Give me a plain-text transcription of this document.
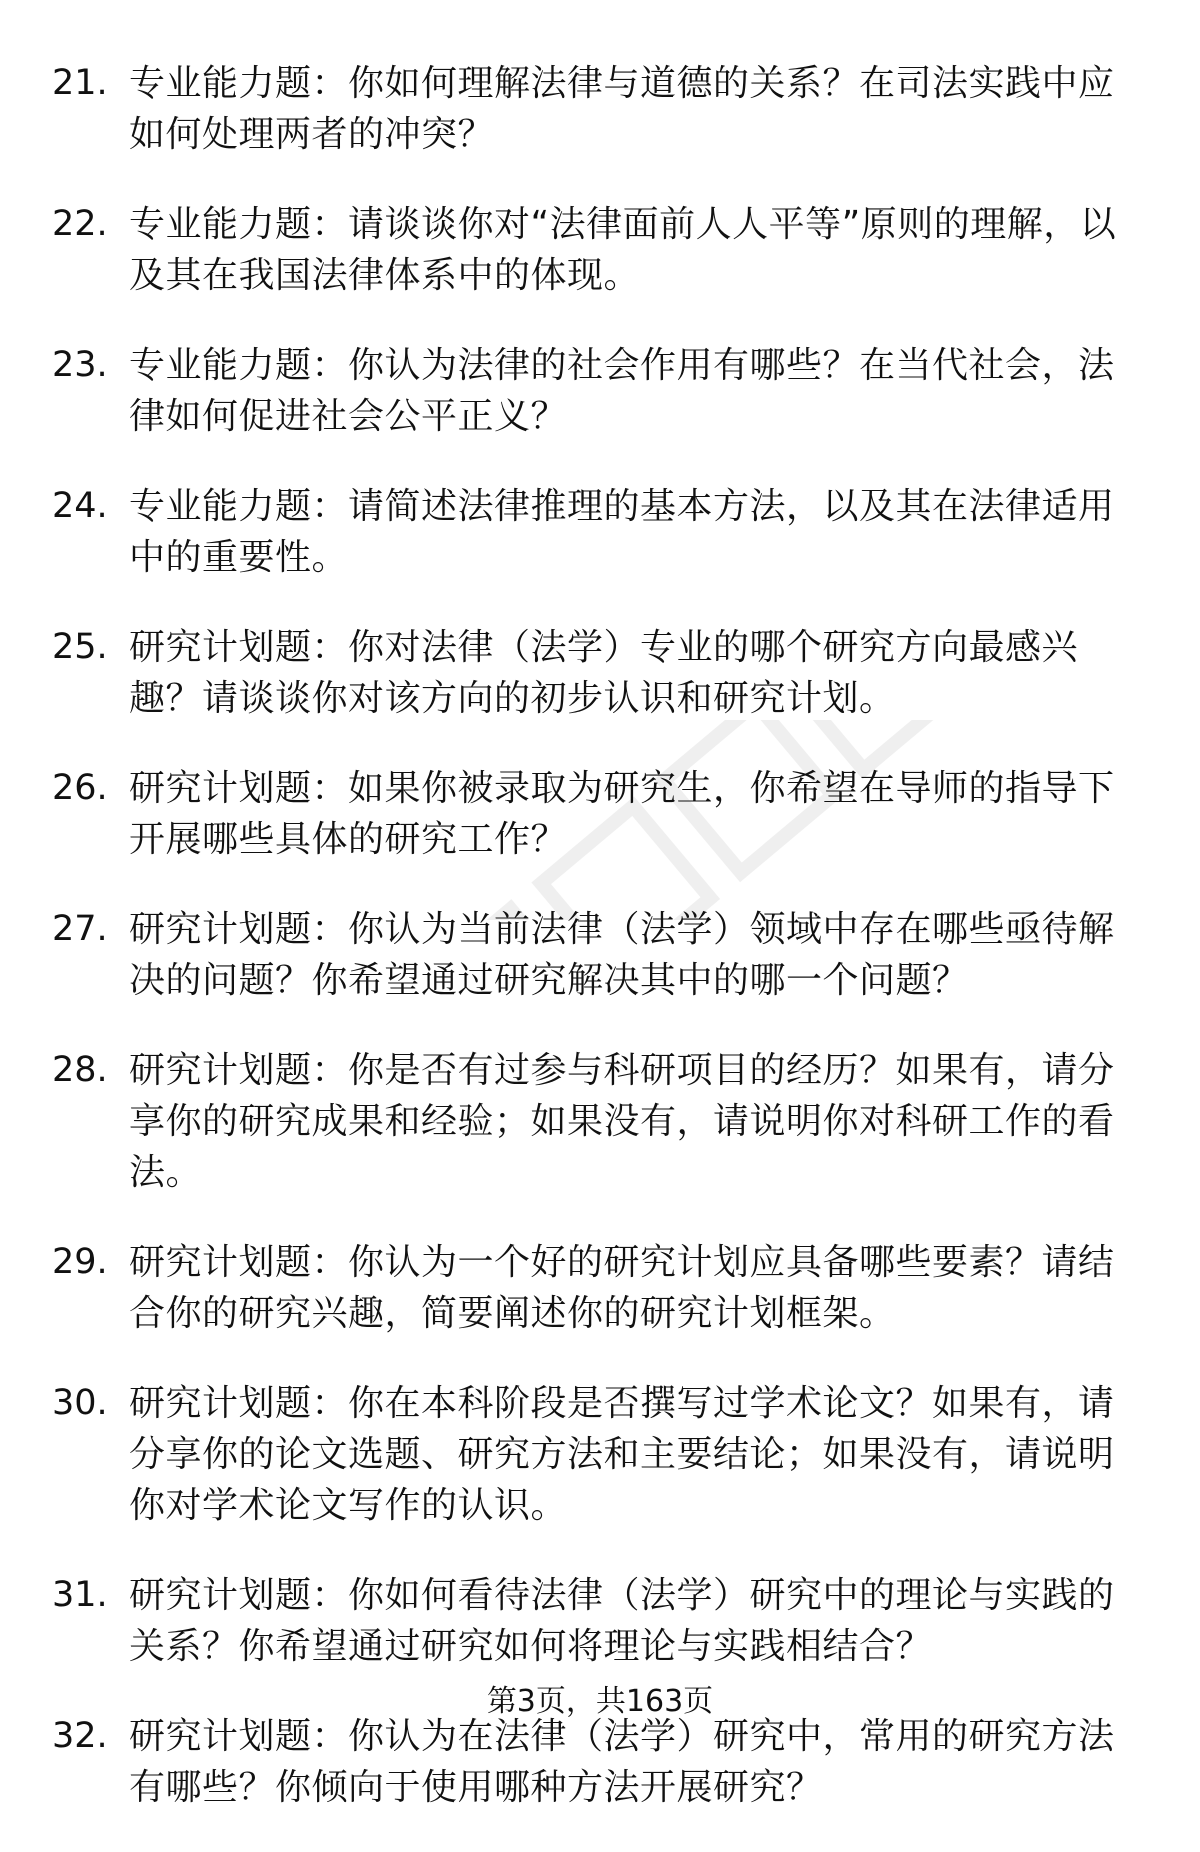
21. 专业能力题：你如何理解法律与道德的关系？在司法实践中应如何处理两者的冲突？
22. 专业能力题：请谈谈你对“法律面前人人平等”原则的理解，以及其在我国法律体系中的体现。
23. 专业能力题：你认为法律的社会作用有哪些？在当代社会，法律如何促进社会公平正义？
24. 专业能力题：请简述法律推理的基本方法，以及其在法律适用中的重要性。
25. 研究计划题：你对法律（法学）专业的哪个研究方向最感兴趣？请谈谈你对该方向的初步认识和研究计划。
26. 研究计划题：如果你被录取为研究生，你希望在导师的指导下开展哪些具体的研究工作？
27. 研究计划题：你认为当前法律（法学）领域中存在哪些亟待解决的问题？你希望通过研究解决其中的哪一个问题？
28. 研究计划题：你是否有过参与科研项目的经历？如果有，请分享你的研究成果和经验；如果没有，请说明你对科研工作的看法。
29. 研究计划题：你认为一个好的研究计划应具备哪些要素？请结合你的研究兴趣，简要阐述你的研究计划框架。
30. 研究计划题：你在本科阶段是否撰写过学术论文？如果有，请分享你的论文选题、研究方法和主要结论；如果没有，请说明你对学术论文写作的认识。
31. 研究计划题：你如何看待法律（法学）研究中的理论与实践的关系？你希望通过研究如何将理论与实践相结合？
32. 研究计划题：你认为在法律（法学）研究中，常用的研究方法有哪些？你倾向于使用哪种方法开展研究？
第3页，共163页
